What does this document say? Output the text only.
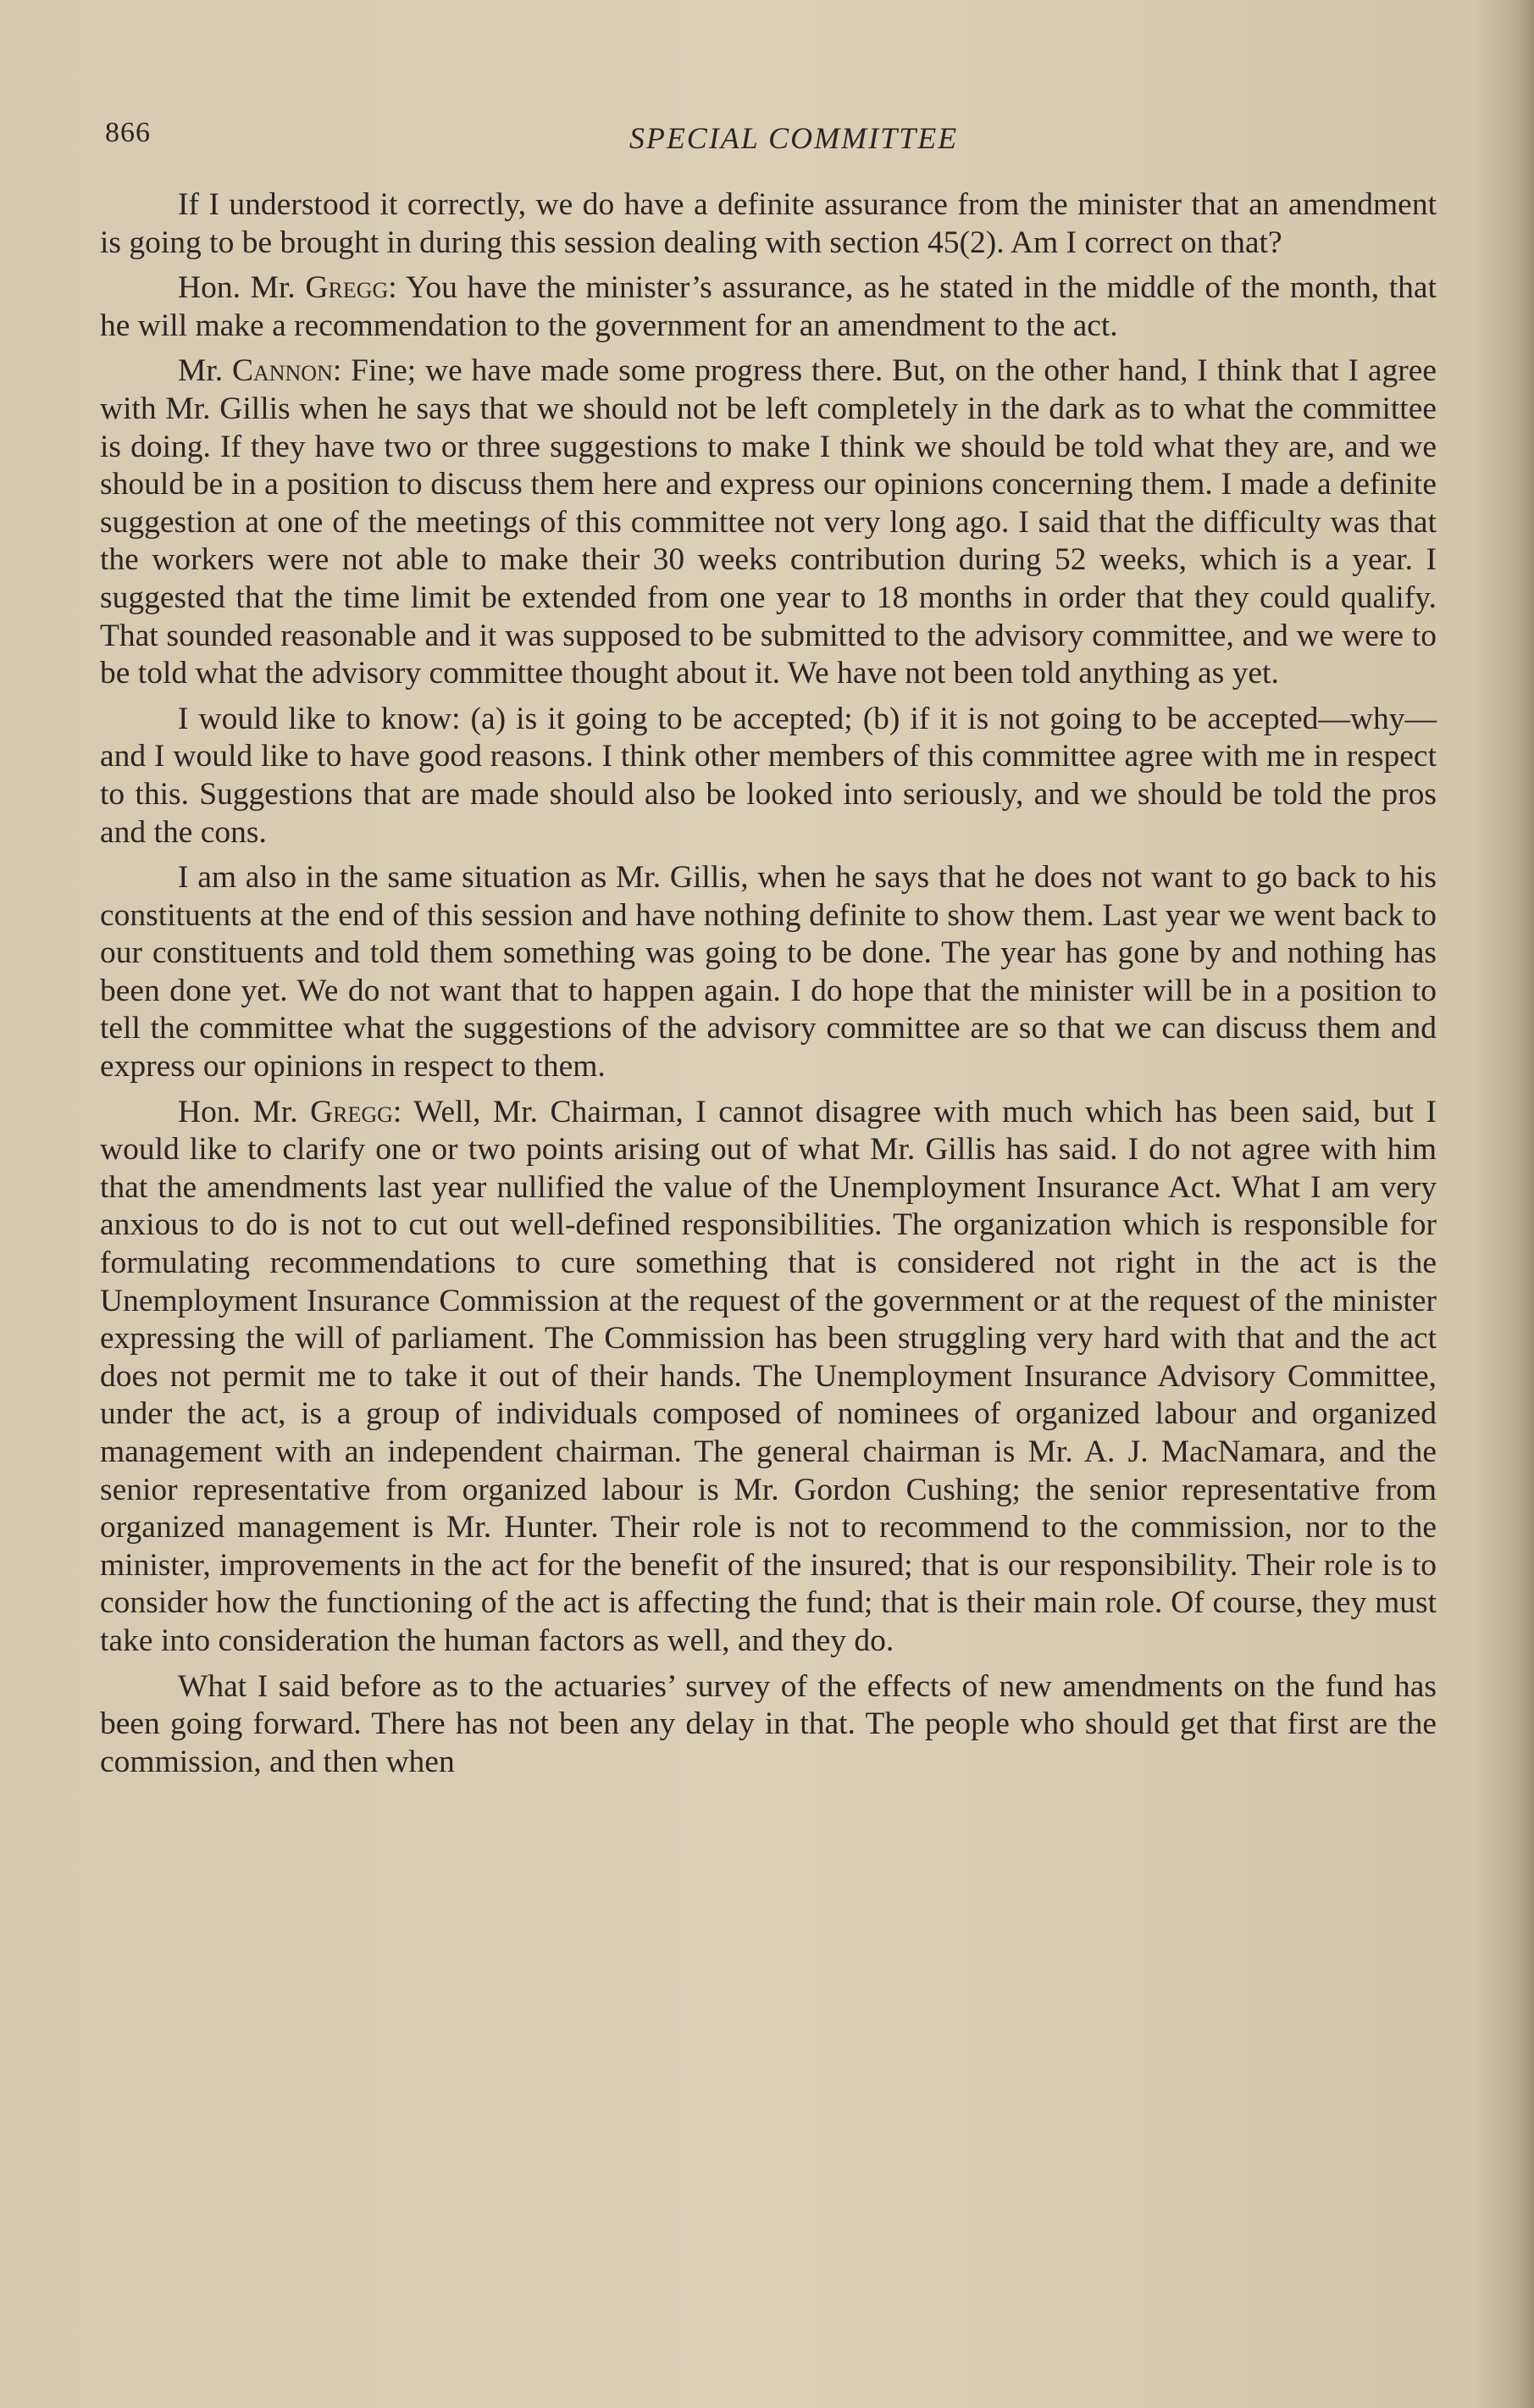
866	SPECIAL COMMITTEE

If I understood it correctly, we do have a definite assurance from the minister that an amendment is going to be brought in during this session dealing with section 45(2). Am I correct on that?

Hon. Mr. Gregg: You have the minister’s assurance, as he stated in the middle of the month, that he will make a recommendation to the government for an amendment to the act.

Mr. Cannon: Fine; we have made some progress there. But, on the other hand, I think that I agree with Mr. Gillis when he says that we should not be left completely in the dark as to what the committee is doing. If they have two or three suggestions to make I think we should be told what they are, and we should be in a position to discuss them here and express our opinions concerning them. I made a definite suggestion at one of the meetings of this committee not very long ago. I said that the difficulty was that the workers were not able to make their 30 weeks contribution during 52 weeks, which is a year. I suggested that the time limit be extended from one year to 18 months in order that they could qualify. That sounded reasonable and it was supposed to be submitted to the advisory committee, and we were to be told what the advisory committee thought about it. We have not been told anything as yet.

I would like to know: (a) is it going to be accepted; (b) if it is not going to be accepted—why—and I would like to have good reasons. I think other members of this committee agree with me in respect to this. Suggestions that are made should also be looked into seriously, and we should be told the pros and the cons.

I am also in the same situation as Mr. Gillis, when he says that he does not want to go back to his constituents at the end of this session and have nothing definite to show them. Last year we went back to our constituents and told them something was going to be done. The year has gone by and nothing has been done yet. We do not want that to happen again. I do hope that the minister will be in a position to tell the committee what the suggestions of the advisory committee are so that we can discuss them and express our opinions in respect to them.

Hon. Mr. Gregg: Well, Mr. Chairman, I cannot disagree with much which has been said, but I would like to clarify one or two points arising out of what Mr. Gillis has said. I do not agree with him that the amendments last year nullified the value of the Unemployment Insurance Act. What I am very anxious to do is not to cut out well-defined responsibilities. The organization which is responsible for formulating recommendations to cure something that is considered not right in the act is the Unemployment Insurance Commission at the request of the government or at the request of the minister expressing the will of parliament. The Commission has been struggling very hard with that and the act does not permit me to take it out of their hands. The Unemployment Insurance Advisory Committee, under the act, is a group of individuals composed of nominees of organized labour and organized management with an independent chairman. The general chairman is Mr. A. J. MacNamara, and the senior representative from organized labour is Mr. Gordon Cushing; the senior representative from organized management is Mr. Hunter. Their role is not to recommend to the commission, nor to the minister, improvements in the act for the benefit of the insured; that is our responsibility. Their role is to consider how the functioning of the act is affecting the fund; that is their main role. Of course, they must take into consideration the human factors as well, and they do.

What I said before as to the actuaries’ survey of the effects of new amendments on the fund has been going forward. There has not been any delay in that. The people who should get that first are the commission, and then when
